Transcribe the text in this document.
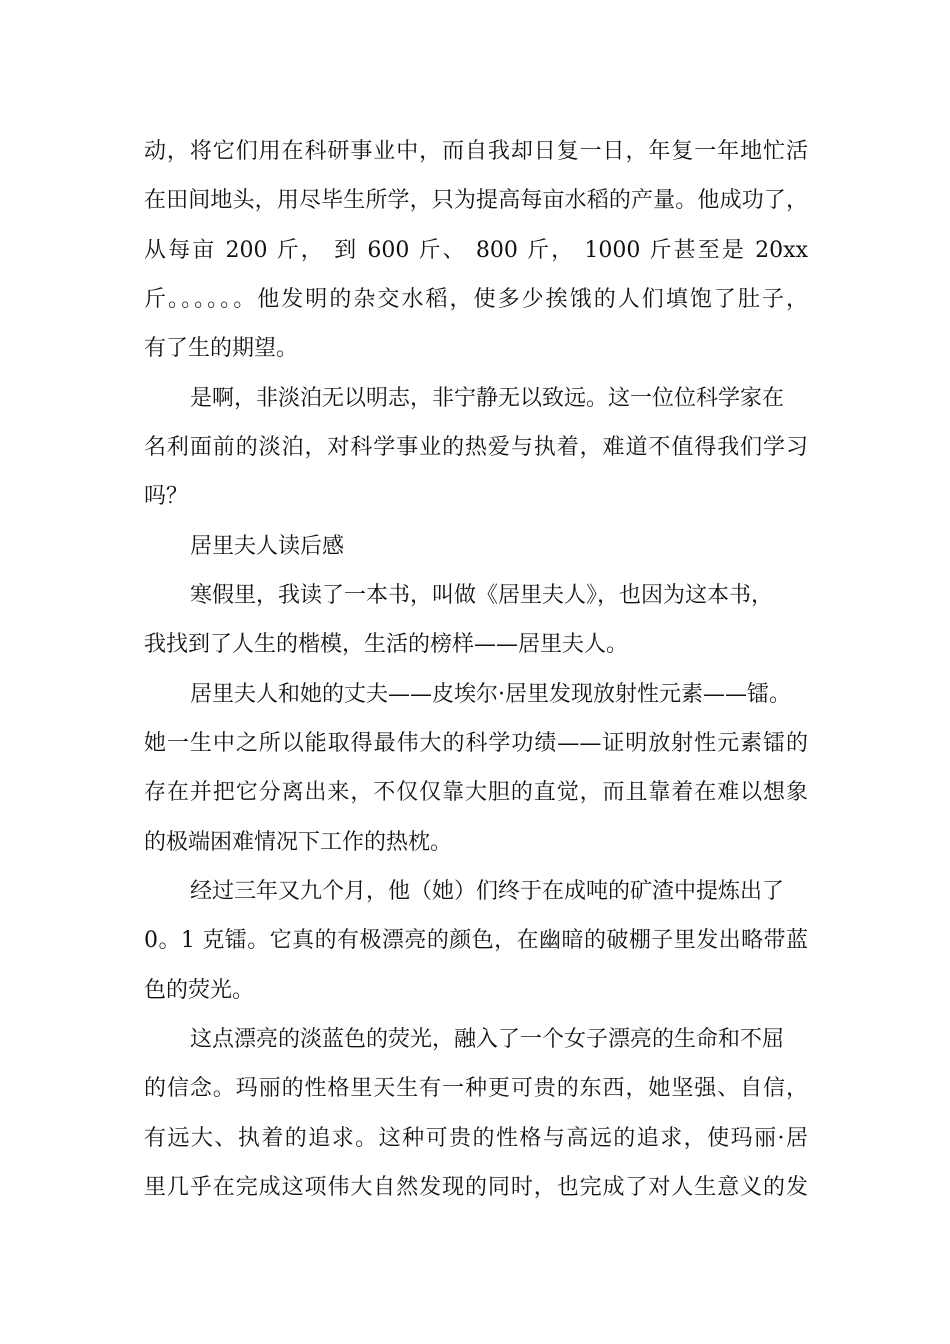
动，将它们用在科研事业中，而自我却日复一日，年复一年地忙活
在田间地头，用尽毕生所学，只为提高每亩水稻的产量。他成功了，
从每亩 200 斤， 到 600 斤、 800 斤， 1000 斤甚至是 20xx
斤。。。。。。他发明的杂交水稻，使多少挨饿的人们填饱了肚子，
有了生的期望。
是啊，非淡泊无以明志，非宁静无以致远。这一位位科学家在
名利面前的淡泊，对科学事业的热爱与执着，难道不值得我们学习
吗？
居里夫人读后感
寒假里，我读了一本书，叫做《居里夫人》，也因为这本书，
我找到了人生的楷模，生活的榜样——居里夫人。
居里夫人和她的丈夫——皮埃尔·居里发现放射性元素——镭。
她一生中之所以能取得最伟大的科学功绩——证明放射性元素镭的
存在并把它分离出来，不仅仅靠大胆的直觉，而且靠着在难以想象
的极端困难情况下工作的热枕。
经过三年又九个月，他（她）们终于在成吨的矿渣中提炼出了
0。1 克镭。它真的有极漂亮的颜色，在幽暗的破棚子里发出略带蓝
色的荧光。
这点漂亮的淡蓝色的荧光，融入了一个女子漂亮的生命和不屈
的信念。玛丽的性格里天生有一种更可贵的东西，她坚强、自信，
有远大、执着的追求。这种可贵的性格与高远的追求，使玛丽·居
里几乎在完成这项伟大自然发现的同时，也完成了对人生意义的发
